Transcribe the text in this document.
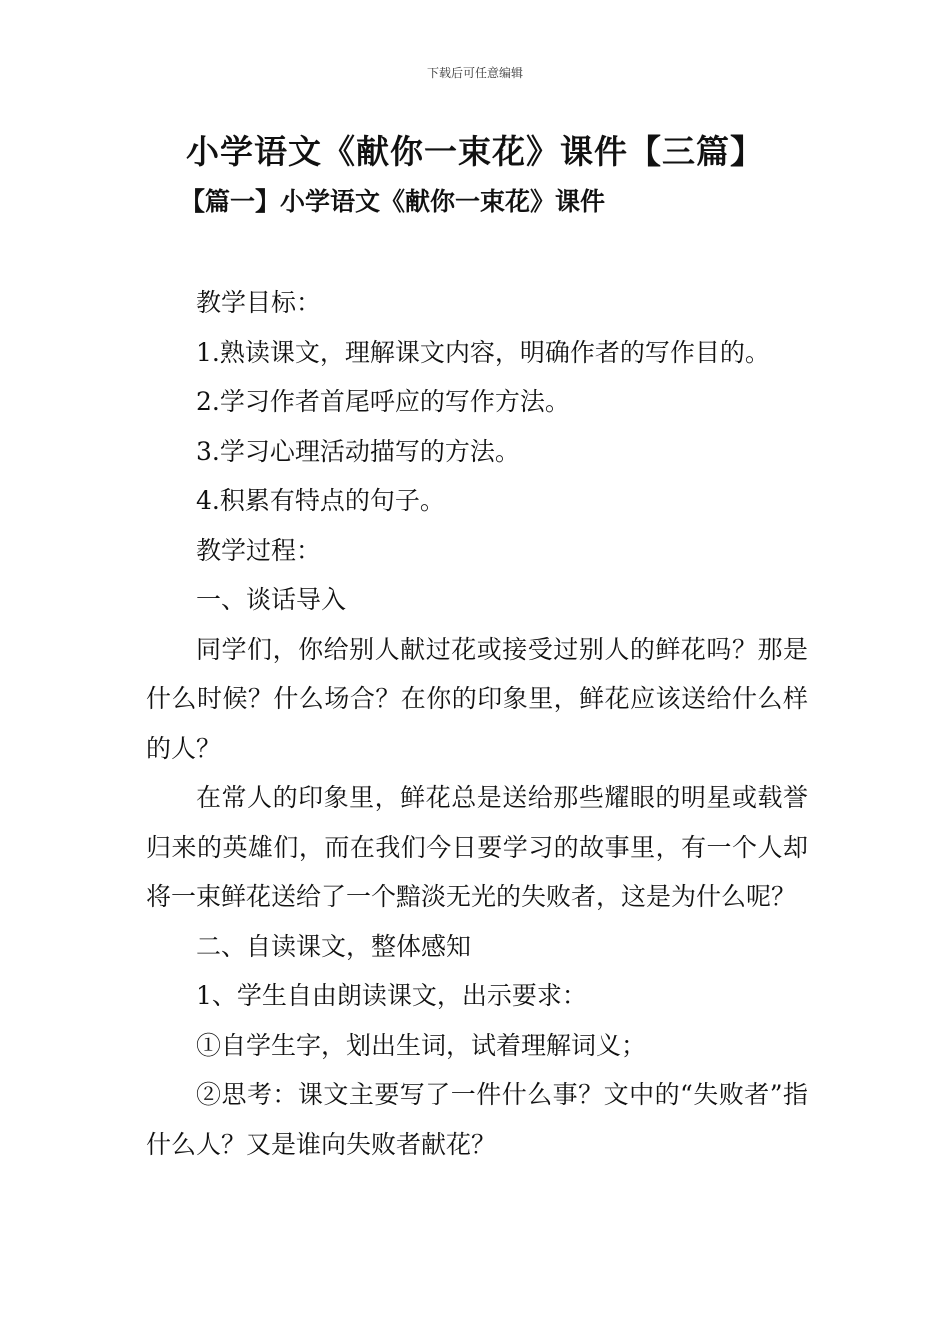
下载后可任意编辑
小学语文《献你一束花》课件【三篇】
【篇一】小学语文《献你一束花》课件

教学目标：

1.熟读课文，理解课文内容，明确作者的写作目的。

2.学习作者首尾呼应的写作方法。

3.学习心理活动描写的方法。

4.积累有特点的句子。

教学过程：

一、谈话导入

同学们，你给别人献过花或接受过别人的鲜花吗？那是什么时候？什么场合？在你的印象里，鲜花应该送给什么样的人？

在常人的印象里，鲜花总是送给那些耀眼的明星或载誉归来的英雄们，而在我们今日要学习的故事里，有一个人却将一束鲜花送给了一个黯淡无光的失败者，这是为什么呢？

二、自读课文，整体感知

1、学生自由朗读课文，出示要求：

①自学生字，划出生词，试着理解词义；

②思考：课文主要写了一件什么事？文中的“失败者”指什么人？又是谁向失败者献花？
